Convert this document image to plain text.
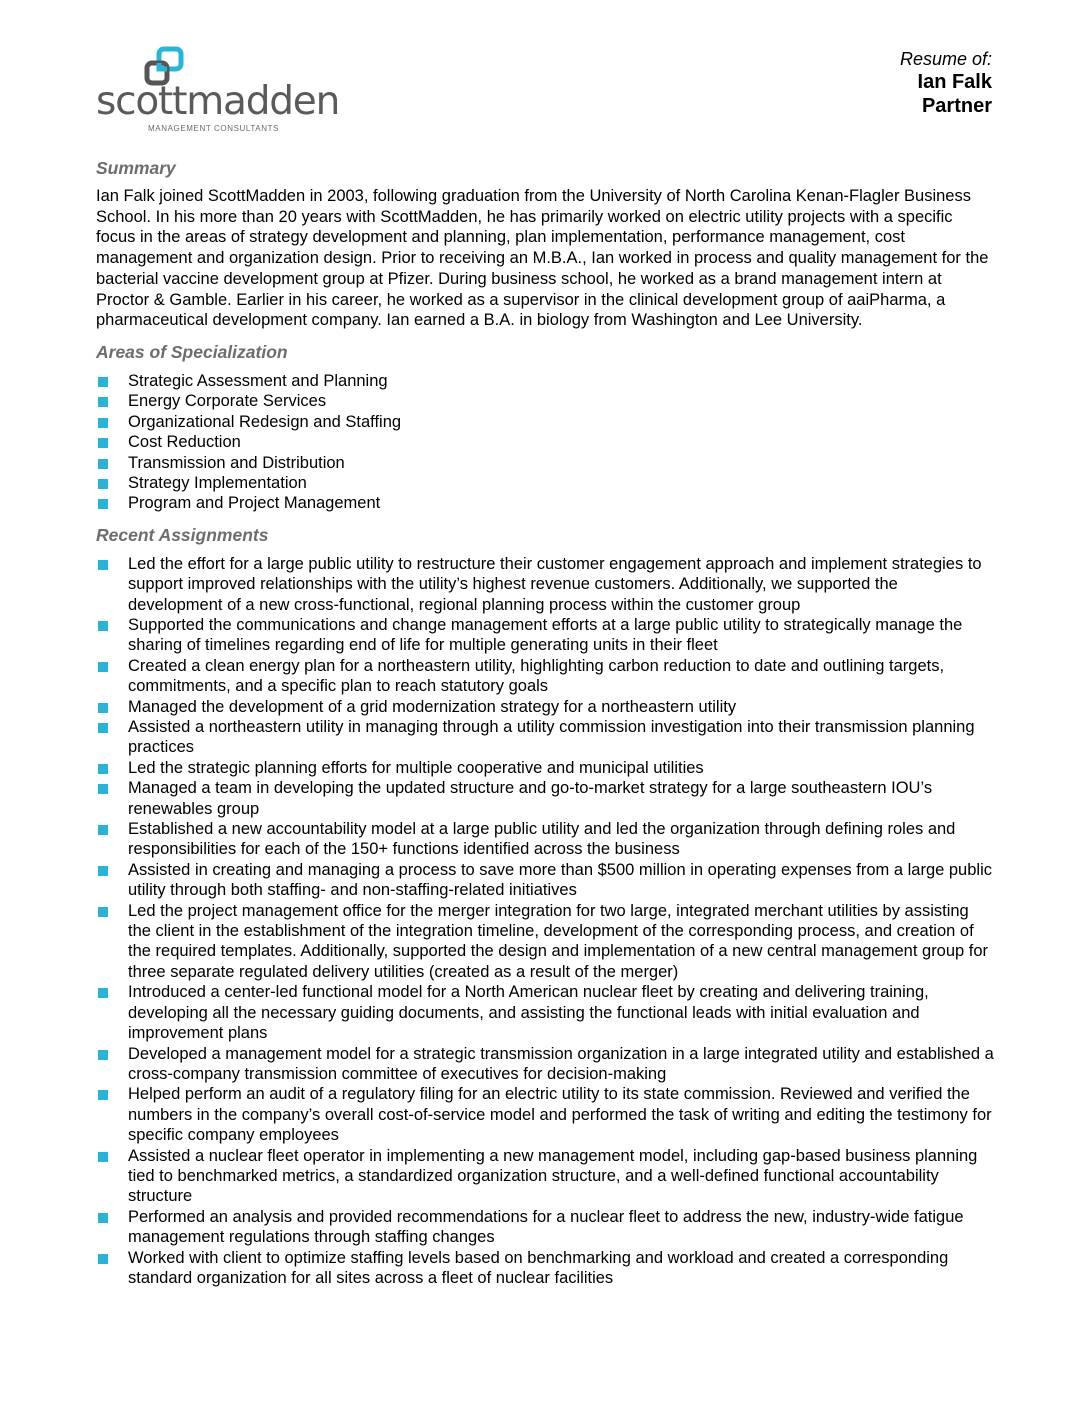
scottmadden
MANAGEMENT CONSULTANTS
Resume of:
Ian Falk
Partner
Summary

Ian Falk joined ScottMadden in 2003, following graduation from the University of North Carolina Kenan-Flagler Business School. In his more than 20 years with ScottMadden, he has primarily worked on electric utility projects with a specific focus in the areas of strategy development and planning, plan implementation, performance management, cost management and organization design. Prior to receiving an M.B.A., Ian worked in process and quality management for the bacterial vaccine development group at Pfizer. During business school, he worked as a brand management intern at Proctor & Gamble. Earlier in his career, he worked as a supervisor in the clinical development group of aaiPharma, a pharmaceutical development company. Ian earned a B.A. in biology from Washington and Lee University.

Areas of Specialization
Strategic Assessment and Planning
Energy Corporate Services
Organizational Redesign and Staffing
Cost Reduction
Transmission and Distribution
Strategy Implementation
Program and Project Management
Recent Assignments
Led the effort for a large public utility to restructure their customer engagement approach and implement strategies to support improved relationships with the utility’s highest revenue customers. Additionally, we supported the development of a new cross-functional, regional planning process within the customer group
Supported the communications and change management efforts at a large public utility to strategically manage the sharing of timelines regarding end of life for multiple generating units in their fleet
Created a clean energy plan for a northeastern utility, highlighting carbon reduction to date and outlining targets, commitments, and a specific plan to reach statutory goals
Managed the development of a grid modernization strategy for a northeastern utility
Assisted a northeastern utility in managing through a utility commission investigation into their transmission planning practices
Led the strategic planning efforts for multiple cooperative and municipal utilities
Managed a team in developing the updated structure and go-to-market strategy for a large southeastern IOU’s renewables group
Established a new accountability model at a large public utility and led the organization through defining roles and responsibilities for each of the 150+ functions identified across the business
Assisted in creating and managing a process to save more than $500 million in operating expenses from a large public utility through both staffing- and non-staffing-related initiatives
Led the project management office for the merger integration for two large, integrated merchant utilities by assisting the client in the establishment of the integration timeline, development of the corresponding process, and creation of the required templates. Additionally, supported the design and implementation of a new central management group for three separate regulated delivery utilities (created as a result of the merger)
Introduced a center-led functional model for a North American nuclear fleet by creating and delivering training, developing all the necessary guiding documents, and assisting the functional leads with initial evaluation and improvement plans
Developed a management model for a strategic transmission organization in a large integrated utility and established a cross-company transmission committee of executives for decision-making
Helped perform an audit of a regulatory filing for an electric utility to its state commission. Reviewed and verified the numbers in the company’s overall cost-of-service model and performed the task of writing and editing the testimony for specific company employees
Assisted a nuclear fleet operator in implementing a new management model, including gap-based business planning tied to benchmarked metrics, a standardized organization structure, and a well-defined functional accountability structure
Performed an analysis and provided recommendations for a nuclear fleet to address the new, industry-wide fatigue management regulations through staffing changes
Worked with client to optimize staffing levels based on benchmarking and workload and created a corresponding standard organization for all sites across a fleet of nuclear facilities
